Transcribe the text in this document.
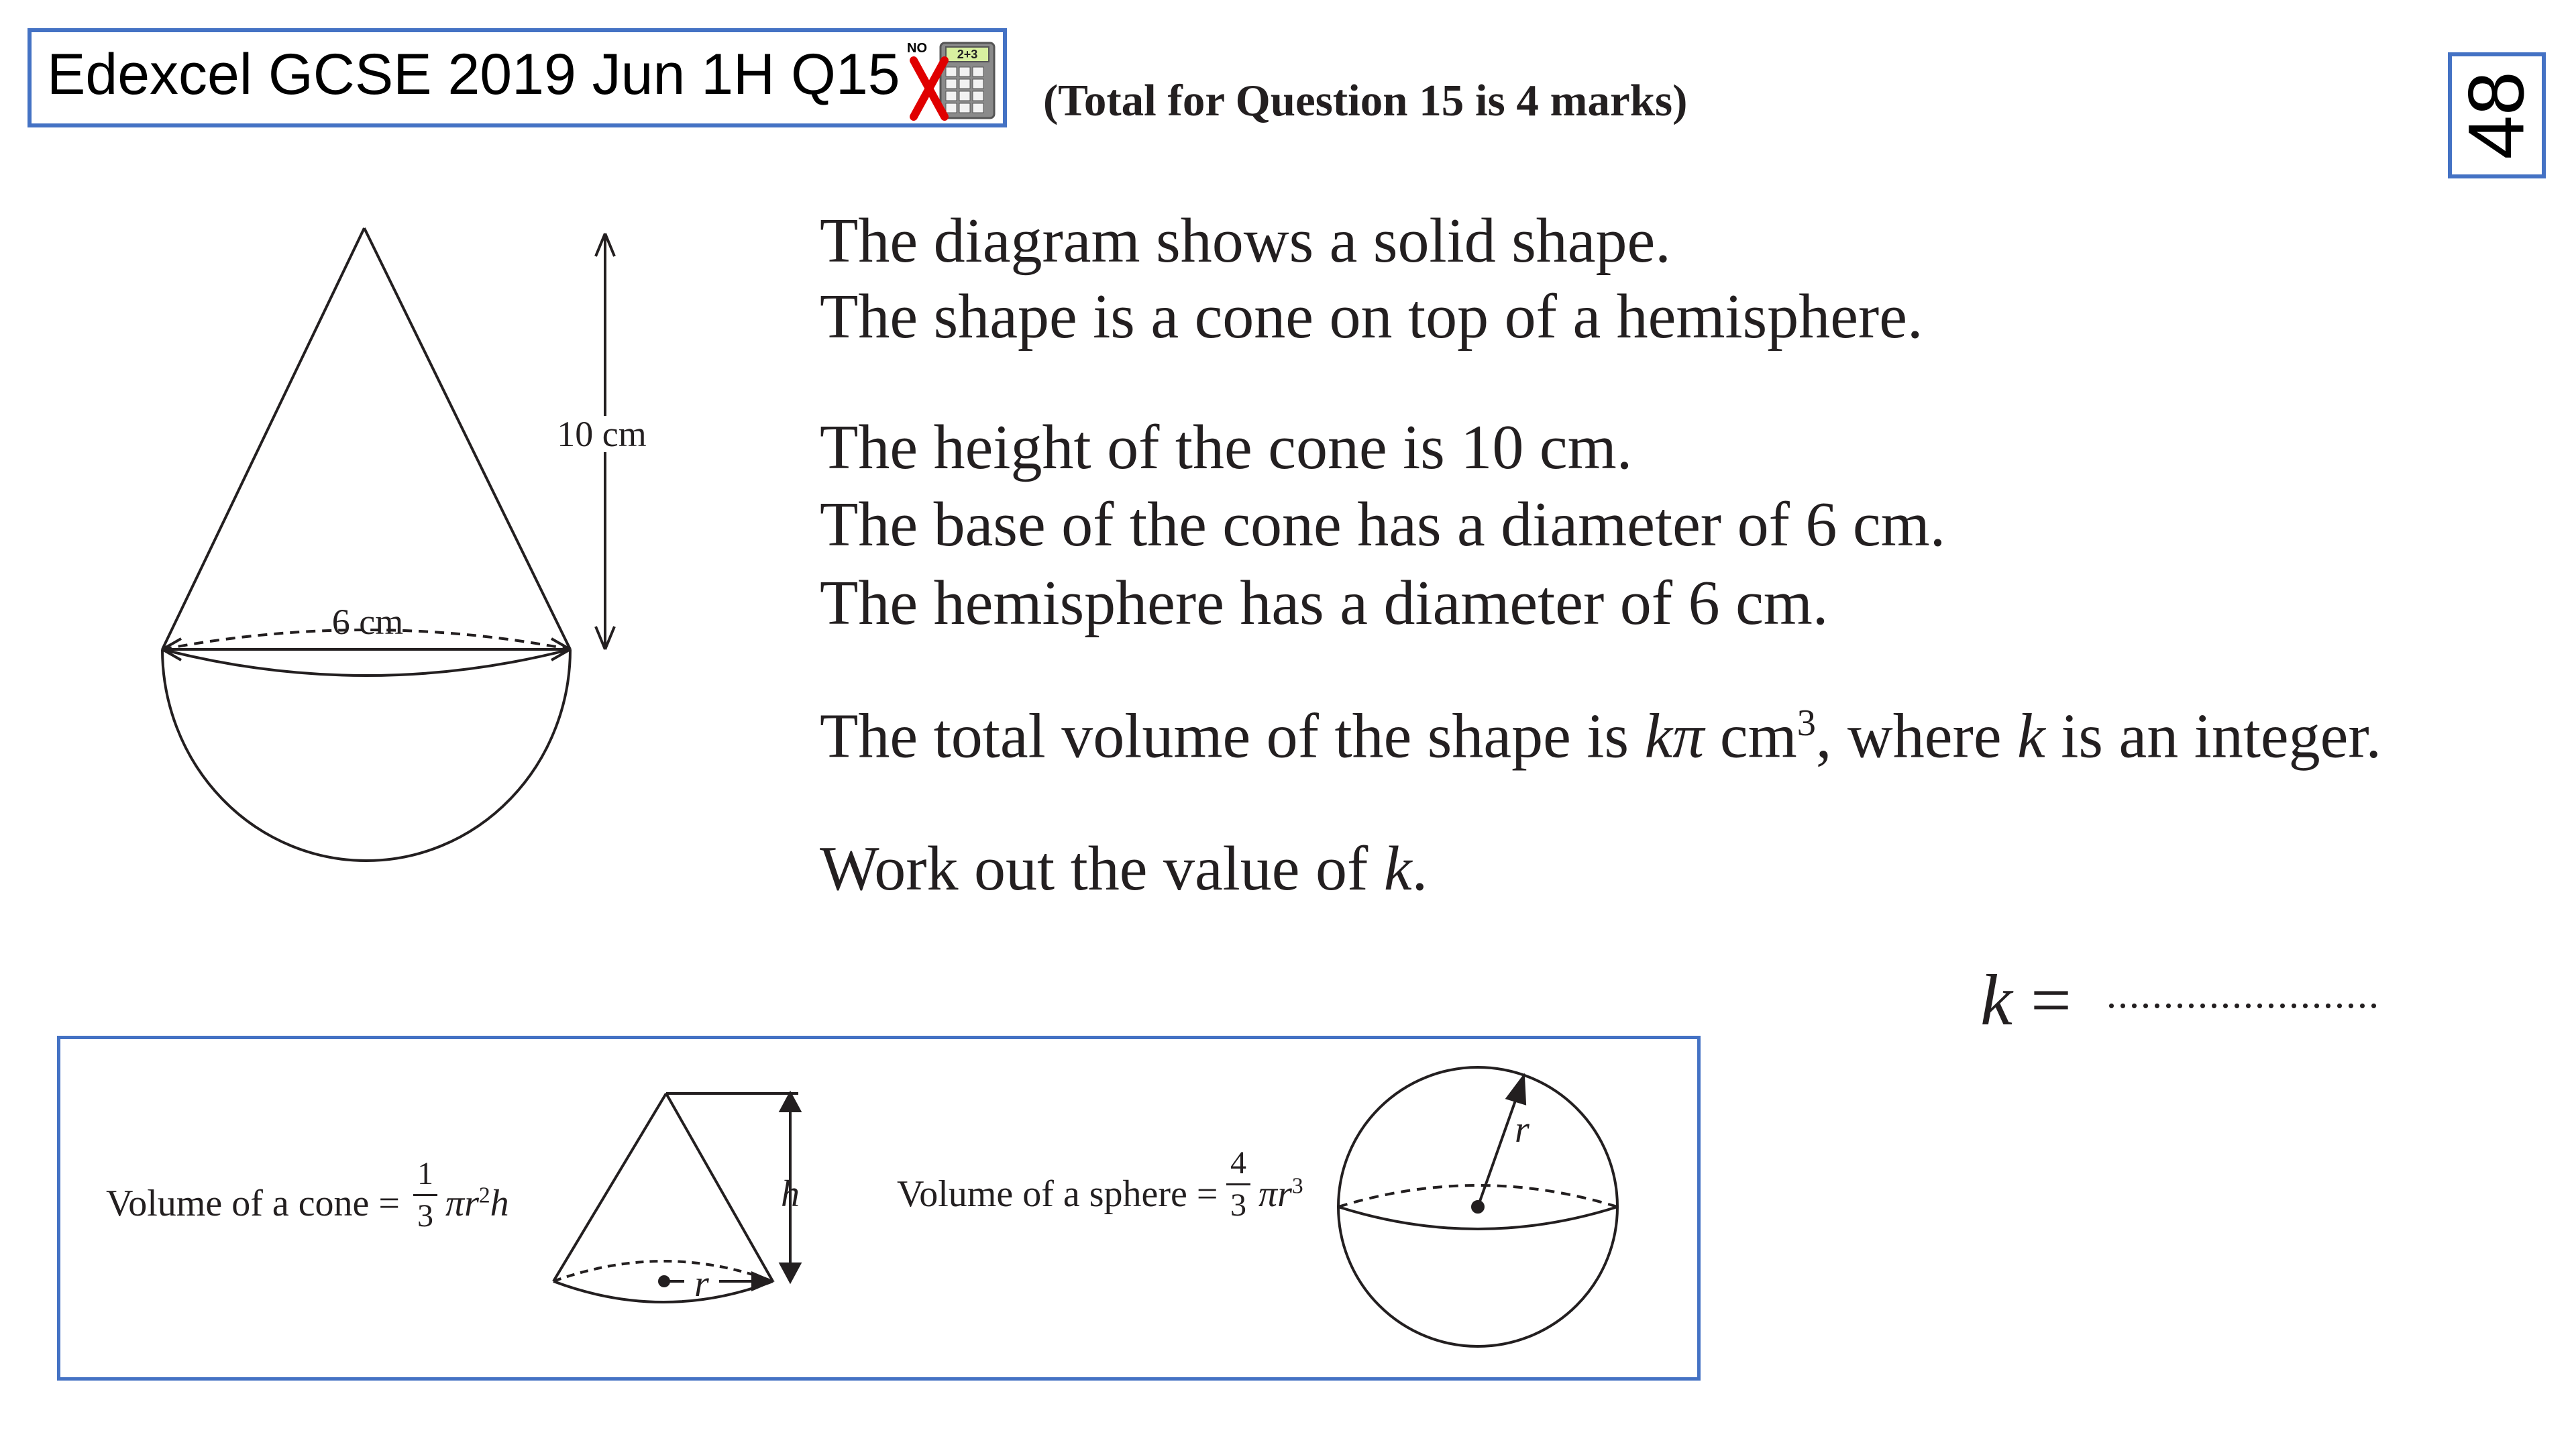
Edexcel GCSE 2019 Jun 1H Q15	2+3
NO
(Total for Question 15 is 4 marks)	48
10 cm
6 cm
The diagram shows a solid shape.
The shape is a cone on top of a hemisphere.
The height of the cone is 10 cm.
The base of the cone has a diameter of 6 cm.
The hemisphere has a diameter of 6 cm.
The total volume of the shape is kπ $cm^3$, where k is an integer.
Work out the value of k.
k = ........................
Volume of a cone =
1
3 $\pi r^2h$	h
r
Volume of a sphere =
4
3 $\pi r^3$
r
